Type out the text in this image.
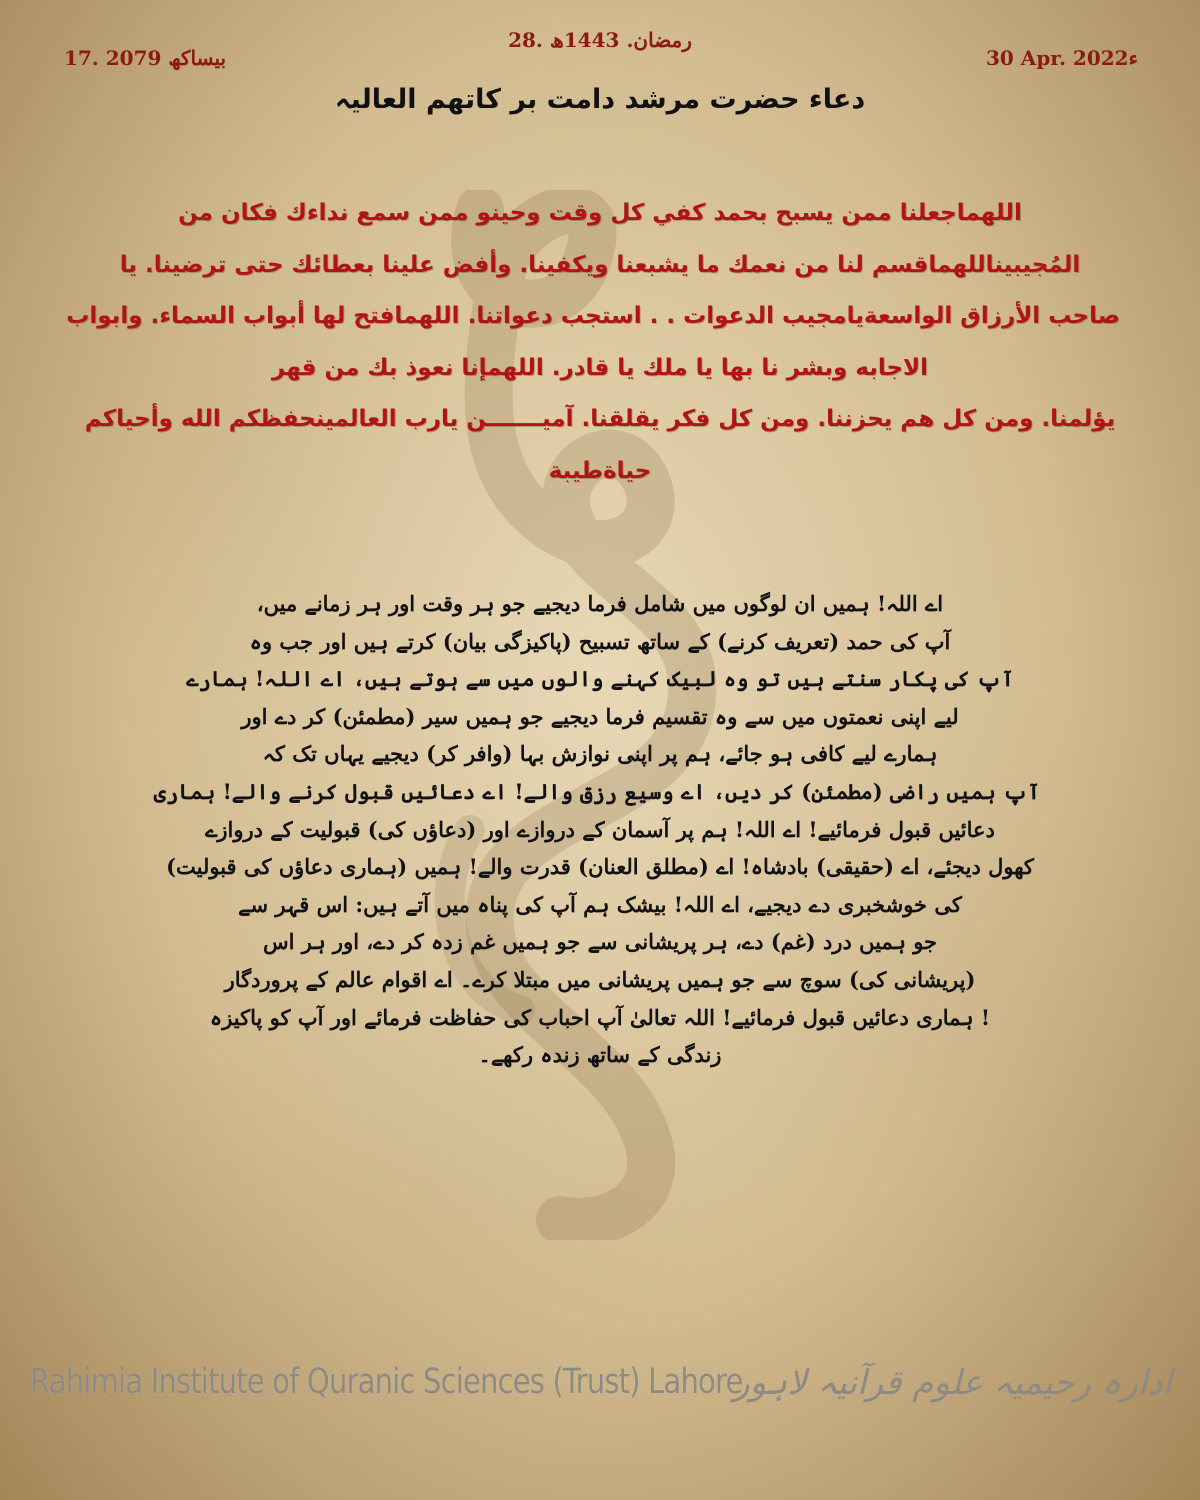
17. بیساکھ 2079
28. رمضان. 1443ھ
30 Apr. 2022ء
دعاء حضرت مرشد دامت بر کاتھم العالیہ
اللهماجعلنا ممن يسبح بحمد كفي كل وقت وحينو ممن سمع نداءك فكان من
المُجيبيناللهماقسم لنا من نعمك ما يشبعنا ويكفينا. وأفض علينا بعطائك حتى ترضينا. يا
صاحب الأرزاق الواسعةيامجيب الدعوات . . استجب دعواتنا. اللهمافتح لها أبواب السماء. وابواب
الاجابه وبشر نا بها يا ملك يا قادر. اللهمإنا نعوذ بك من قهر
يؤلمنا. ومن كل هم يحزننا. ومن كل فكر يقلقنا. آميـــــــن يارب العالمينحفظكم الله وأحياكم
حياةطيبة
اے اللہ! ہمیں ان لوگوں میں شامل فرما دیجیے جو ہر وقت اور ہر زمانے میں،
آپ کی حمد (تعریف کرنے) کے ساتھ تسبیح (پاکیزگی بیان) کرتے ہیں اور جب وہ
آپ کی پکار سنتے ہیں تو وہ لبیک کہنے والوں میں سے ہوتے ہیں، اے اللہ! ہمارے
لیے اپنی نعمتوں میں سے وہ تقسیم فرما دیجیے جو ہمیں سیر (مطمئن) کر دے اور
ہمارے لیے کافی ہو جائے، ہم پر اپنی نوازش بہا (وافر کر) دیجیے یہاں تک کہ
آپ ہمیں راضی (مطمئن) کر دیں، اے وسیع رزق والے! اے دعائیں قبول کرنے والے! ہماری
دعائیں قبول فرمائیے! اے اللہ! ہم پر آسمان کے دروازے اور (دعاؤں کی) قبولیت کے دروازے
کھول دیجئے، اے (حقیقی) بادشاہ! اے (مطلق العنان) قدرت والے! ہمیں (ہماری دعاؤں کی قبولیت)
کی خوشخبری دے دیجیے، اے اللہ! بیشک ہم آپ کی پناہ میں آتے ہیں: اس قہر سے
جو ہمیں درد (غم) دے، ہر پریشانی سے جو ہمیں غم زدہ کر دے، اور ہر اس
(پریشانی کی) سوچ سے جو ہمیں پریشانی میں مبتلا کرے۔ اے اقوام عالم کے پروردگار
! ہماری دعائیں قبول فرمائیے! اللہ تعالیٰ آپ احباب کی حفاظت فرمائے اور آپ کو پاکیزہ
زندگی کے ساتھ زندہ رکھے۔
Rahimia Institute of Quranic Sciences (Trust) Lahore
ادارہ رحیمیہ علوم قرآنیہ لاہور
